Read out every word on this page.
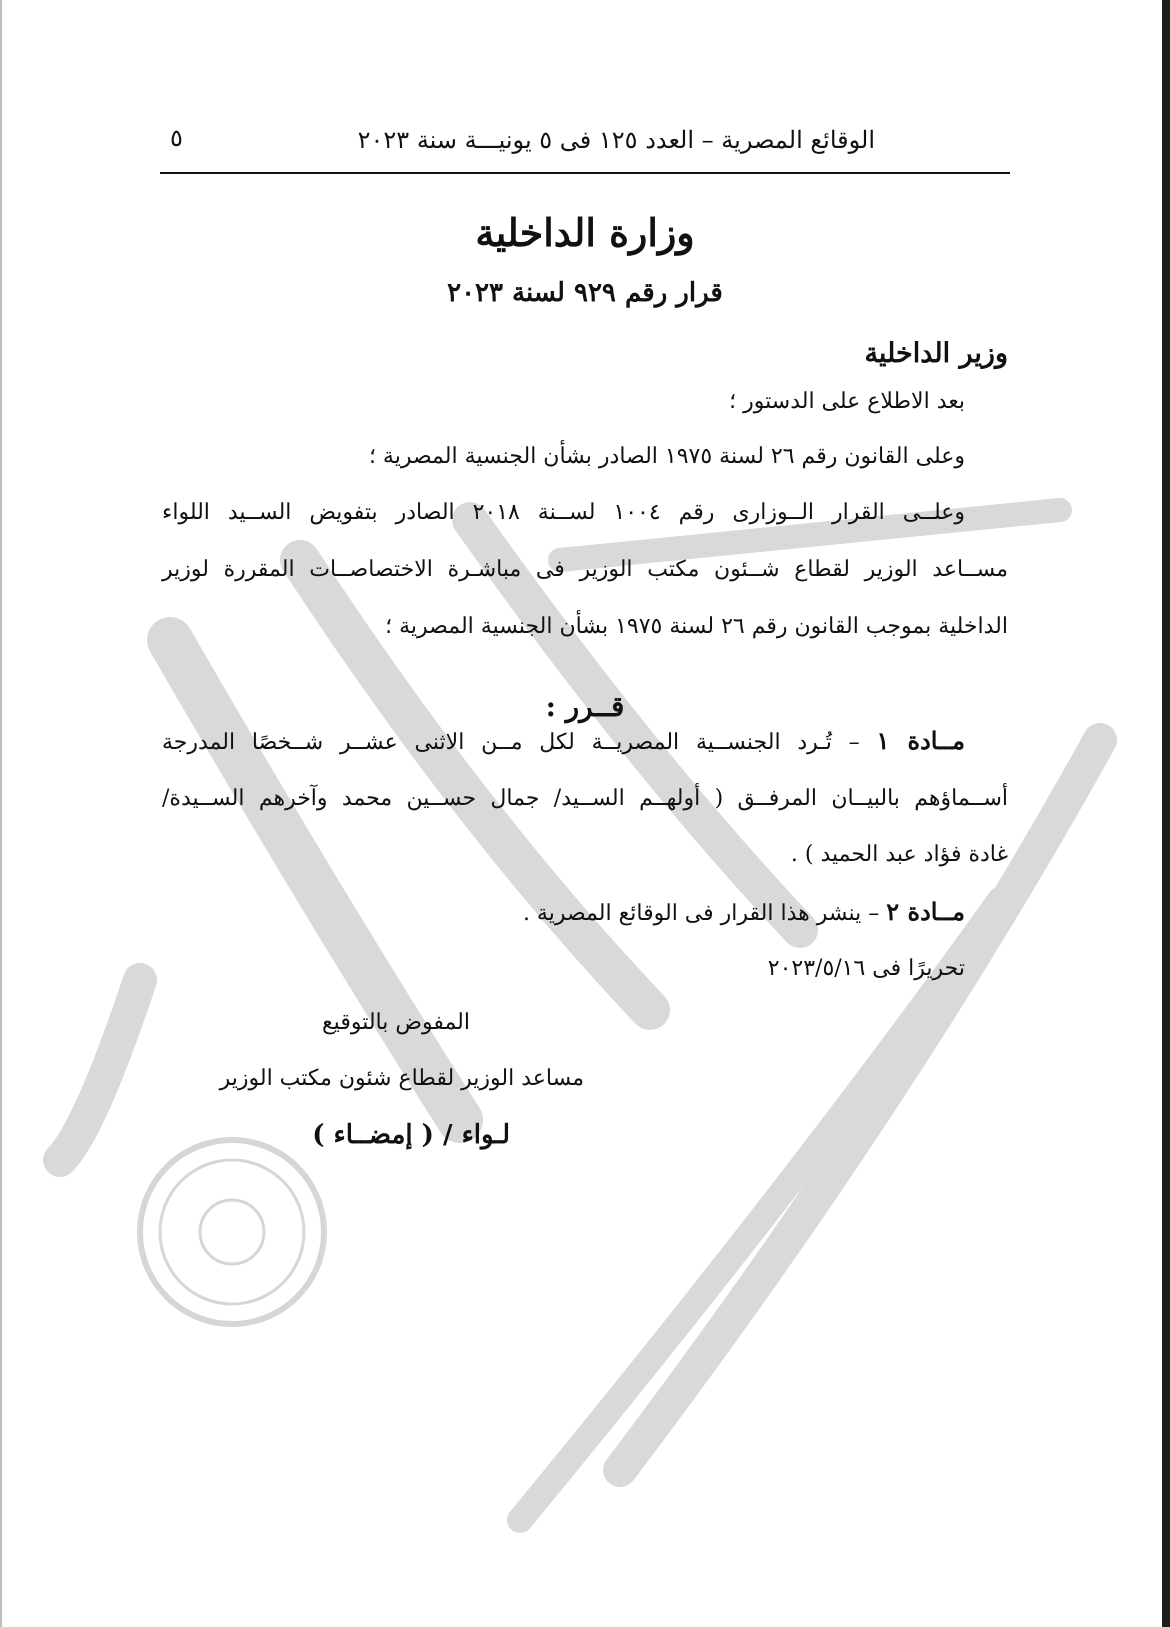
الوقائع المصرية – العدد ١٢٥ فى ٥ يونيـــة سنة ٢٠٢٣
٥
وزارة الداخلية
قرار رقم ٩٢٩ لسنة ٢٠٢٣
وزير الداخلية
بعد الاطلاع على الدستور ؛
وعلى القانون رقم ٢٦ لسنة ١٩٧٥ الصادر بشأن الجنسية المصرية ؛
وعلــى القرار الــوزارى رقم ١٠٠٤ لســنة ٢٠١٨ الصادر بتفويض الســيد اللواء
مســاعد الوزير لقطاع شــئون مكتب الوزير فى مباشـرة الاختصاصــات المقررة لوزير
الداخلية بموجب القانون رقم ٢٦ لسنة ١٩٧٥ بشأن الجنسية المصرية ؛
قــرر :
مــادة ١ – تُـرد الجنســية المصريــة لكل مــن الاثنى عشــر شــخصًا المدرجة
أســماؤهم بالبيــان المرفــق ( أولهــم الســيد/ جمال حســين محمد وآخرهم الســيدة/
غادة فؤاد عبد الحميد ) .
مــادة ٢ – ينشر هذا القرار فى الوقائع المصرية .
تحريرًا فى ٢٠٢٣/٥/١٦
المفوض بالتوقيع
مساعد الوزير لقطاع شئون مكتب الوزير
لـواء / ( إمضــاء )
